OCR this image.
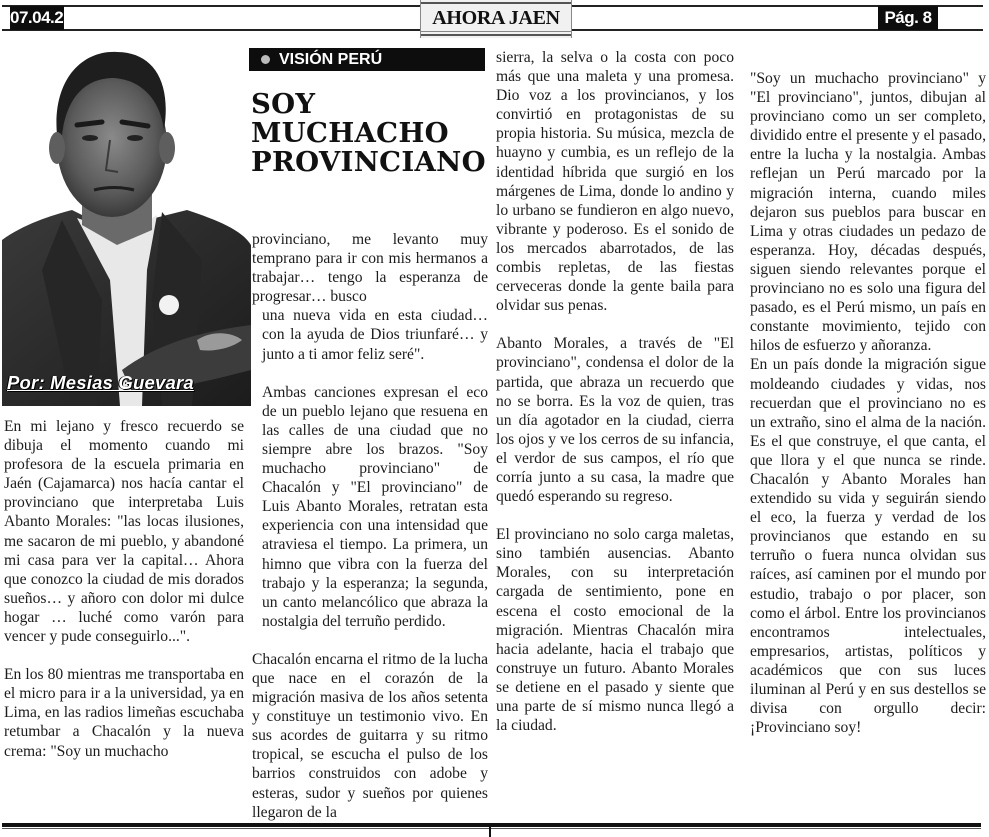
07.04.25	AHORA JAEN	Pág. 8
Por: Mesias Guevara
VISIÓN PERÚ
SOY
MUCHACHO
PROVINCIANO

En mi lejano y fresco recuerdo se dibuja el momento cuando mi profesora de la escuela primaria en Jaén (Cajamarca) nos hacía cantar el provinciano que interpretaba Luis Abanto Morales: "las locas ilusiones, me sacaron de mi pueblo, y abandoné mi casa para ver la capital… Ahora que conozco la ciudad de mis dorados sueños… y añoro con dolor mi dulce hogar … luché como varón para vencer y pude conseguirlo...".

En los 80 mientras me transportaba en el micro para ir a la universidad, ya en Lima, en las radios limeñas escuchaba retumbar a Chacalón y la nueva crema: "Soy un muchacho

provinciano, me levanto muy temprano para ir con mis hermanos a trabajar… tengo la esperanza de progresar… busco

una nueva vida en esta ciudad… con la ayuda de Dios triunfaré… y junto a ti amor feliz seré".

Ambas canciones expresan el eco de un pueblo lejano que resuena en las calles de una ciudad que no siempre abre los brazos. "Soy muchacho provinciano" de Chacalón y "El provinciano" de Luis Abanto Morales, retratan esta experiencia con una intensidad que atraviesa el tiempo. La primera, un himno que vibra con la fuerza del trabajo y la esperanza; la segunda, un canto melancólico que abraza la nostalgia del terruño perdido.

Chacalón encarna el ritmo de la lucha que nace en el corazón de la migración masiva de los años setenta y constituye un testimonio vivo. En sus acordes de guitarra y su ritmo tropical, se escucha el pulso de los barrios construidos con adobe y esteras, sudor y sueños por quienes llegaron de la

sierra, la selva o la costa con poco más que una maleta y una promesa. Dio voz a los provincianos, y los convirtió en protagonistas de su propia historia. Su música, mezcla de huayno y cumbia, es un reflejo de la identidad híbrida que surgió en los márgenes de Lima, donde lo andino y lo urbano se fundieron en algo nuevo, vibrante y poderoso. Es el sonido de los mercados abarrotados, de las combis repletas, de las fiestas cerveceras donde la gente baila para olvidar sus penas.

Abanto Morales, a través de "El provinciano", condensa el dolor de la partida, que abraza un recuerdo que no se borra. Es la voz de quien, tras un día agotador en la ciudad, cierra los ojos y ve los cerros de su infancia, el verdor de sus campos, el río que corría junto a su casa, la madre que quedó esperando su regreso.

El provinciano no solo carga maletas, sino también ausencias. Abanto Morales, con su interpretación cargada de sentimiento, pone en escena el costo emocional de la migración. Mientras Chacalón mira hacia adelante, hacia el trabajo que construye un futuro. Abanto Morales se detiene en el pasado y siente que una parte de sí mismo nunca llegó a la ciudad.

"Soy un muchacho provinciano" y "El provinciano", juntos, dibujan al provinciano como un ser completo, dividido entre el presente y el pasado, entre la lucha y la nostalgia. Ambas reflejan un Perú marcado por la migración interna, cuando miles dejaron sus pueblos para buscar en Lima y otras ciudades un pedazo de esperanza. Hoy, décadas después, siguen siendo relevantes porque el provinciano no es solo una figura del pasado, es el Perú mismo, un país en constante movimiento, tejido con hilos de esfuerzo y añoranza.

En un país donde la migración sigue moldeando ciudades y vidas, nos recuerdan que el provinciano no es un extraño, sino el alma de la nación. Es el que construye, el que canta, el que llora y el que nunca se rinde. Chacalón y Abanto Morales han extendido su vida y seguirán siendo el eco, la fuerza y verdad de los provincianos que estando en su terruño o fuera nunca olvidan sus raíces, así caminen por el mundo por estudio, trabajo o por placer, son como el árbol. Entre los provincianos encontramos intelectuales, empresarios, artistas, políticos y académicos que con sus luces iluminan al Perú y en sus destellos se divisa con orgullo decir: ¡Provinciano soy!
